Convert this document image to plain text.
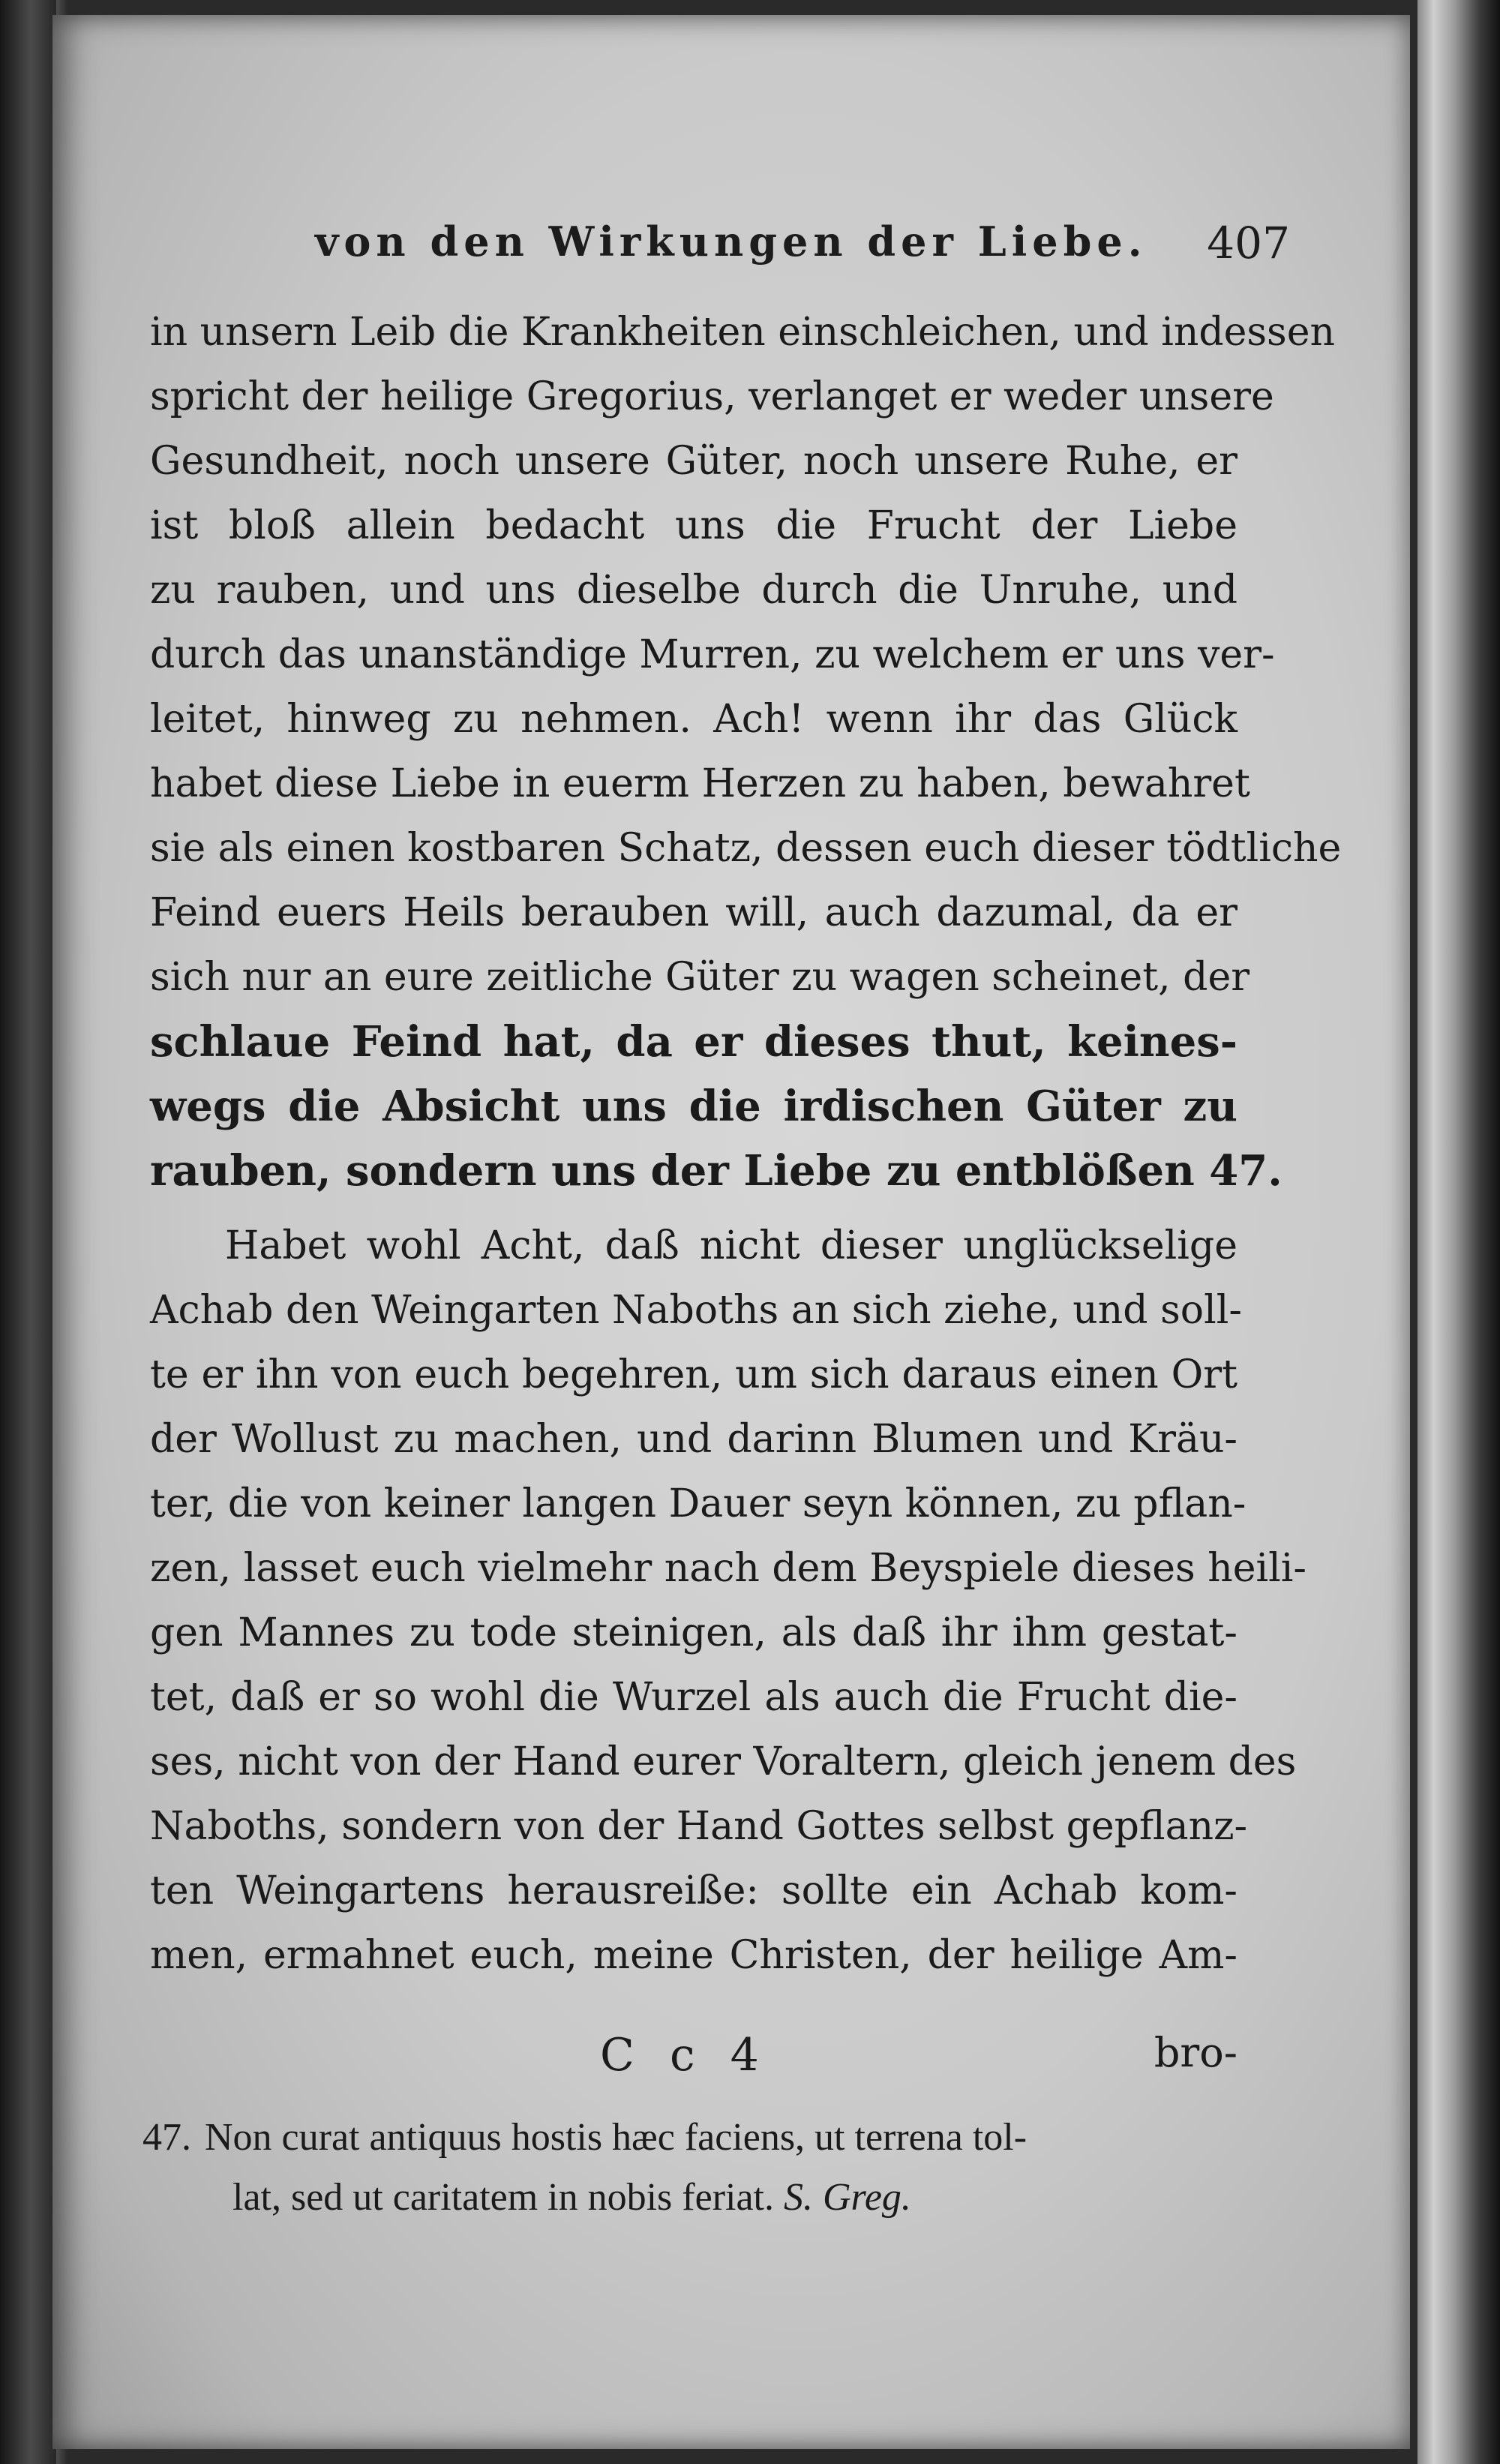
von den Wirkungen der Liebe. 407
in unsern Leib die Krankheiten einschleichen, und indessen
spricht der heilige Gregorius, verlanget er weder unsere
Gesundheit, noch unsere Güter, noch unsere Ruhe, er
ist bloß allein bedacht uns die Frucht der Liebe
zu rauben, und uns dieselbe durch die Unruhe, und
durch das unanständige Murren, zu welchem er uns ver-
leitet, hinweg zu nehmen. Ach! wenn ihr das Glück
habet diese Liebe in euerm Herzen zu haben, bewahret
sie als einen kostbaren Schatz, dessen euch dieser tödtliche
Feind euers Heils berauben will, auch dazumal, da er
sich nur an eure zeitliche Güter zu wagen scheinet, der
schlaue Feind hat, da er dieses thut, keines-
wegs die Absicht uns die irdischen Güter zu
rauben, sondern uns der Liebe zu entblößen 47.
Habet wohl Acht, daß nicht dieser unglückselige
Achab den Weingarten Naboths an sich ziehe, und soll-
te er ihn von euch begehren, um sich daraus einen Ort
der Wollust zu machen, und darinn Blumen und Kräu-
ter, die von keiner langen Dauer seyn können, zu pflan-
zen, lasset euch vielmehr nach dem Beyspiele dieses heili-
gen Mannes zu tode steinigen, als daß ihr ihm gestat-
tet, daß er so wohl die Wurzel als auch die Frucht die-
ses, nicht von der Hand eurer Voraltern, gleich jenem des
Naboths, sondern von der Hand Gottes selbst gepflanz-
ten Weingartens herausreiße: sollte ein Achab kom-
men, ermahnet euch, meine Christen, der heilige Am-
C c 4	bro-
47. Non curat antiquus hostis hæc faciens, ut terrena tol-
lat, sed ut caritatem in nobis feriat. S. Greg.
